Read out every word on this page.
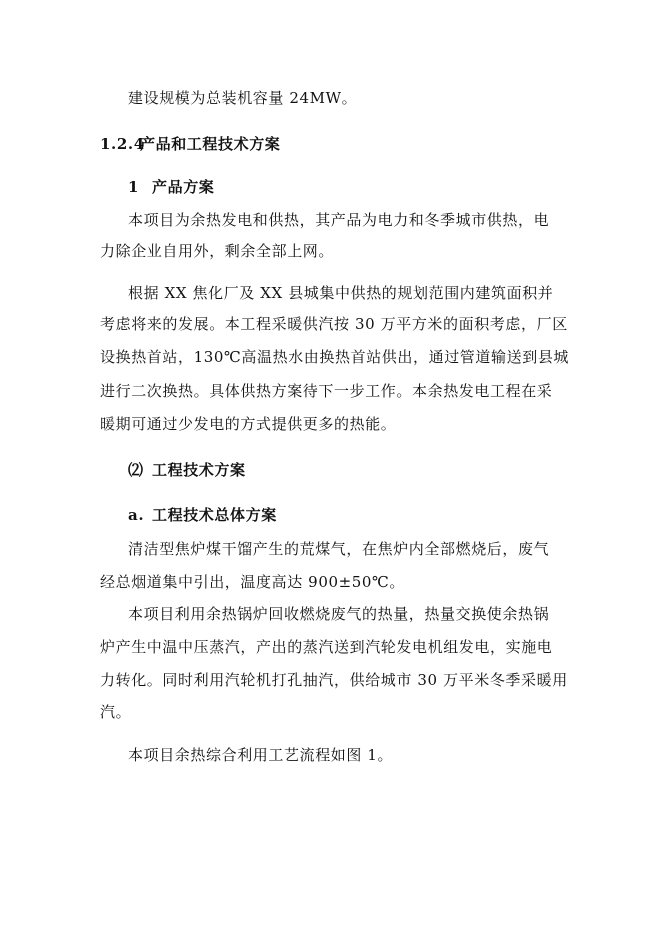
建设规模为总装机容量 24MW。
1.2.4产品和工程技术方案
1 产品方案
本项目为余热发电和供热，其产品为电力和冬季城市供热，电
力除企业自用外，剩余全部上网。
根据 XX 焦化厂及 XX 县城集中供热的规划范围内建筑面积并
考虑将来的发展。本工程采暖供汽按 30 万平方米的面积考虑，厂区
设换热首站，130℃高温热水由换热首站供出，通过管道输送到县城
进行二次换热。具体供热方案待下一步工作。本余热发电工程在采
暖期可通过少发电的方式提供更多的热能。
⑵ 工程技术方案
a. 工程技术总体方案
清洁型焦炉煤干馏产生的荒煤气，在焦炉内全部燃烧后，废气
经总烟道集中引出，温度高达 900±50℃。
本项目利用余热锅炉回收燃烧废气的热量，热量交换使余热锅
炉产生中温中压蒸汽，产出的蒸汽送到汽轮发电机组发电，实施电
力转化。同时利用汽轮机打孔抽汽，供给城市 30 万平米冬季采暖用
汽。
本项目余热综合利用工艺流程如图 1。
